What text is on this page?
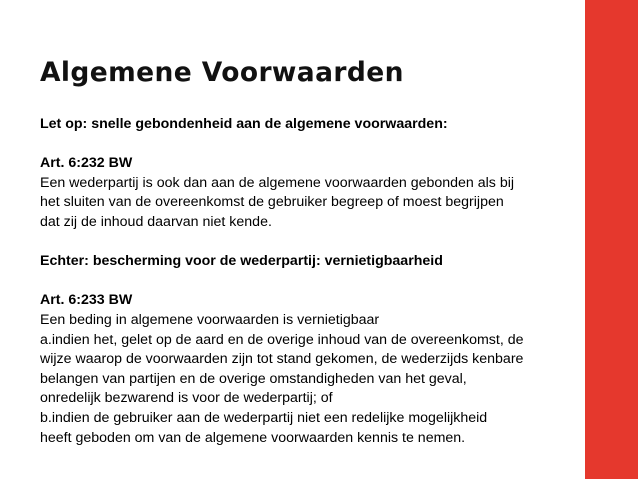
Algemene Voorwaarden

Let op: snelle gebondenheid aan de algemene voorwaarden:

Art. 6:232 BW

Een wederpartij is ook dan aan de algemene voorwaarden gebonden als bij
het sluiten van de overeenkomst de gebruiker begreep of moest begrijpen
dat zij de inhoud daarvan niet kende.

Echter: bescherming voor de wederpartij: vernietigbaarheid

Art. 6:233 BW

Een beding in algemene voorwaarden is vernietigbaar
a.indien het, gelet op de aard en de overige inhoud van de overeenkomst, de
wijze waarop de voorwaarden zijn tot stand gekomen, de wederzijds kenbare
belangen van partijen en de overige omstandigheden van het geval,
onredelijk bezwarend is voor de wederpartij; of
b.indien de gebruiker aan de wederpartij niet een redelijke mogelijkheid
heeft geboden om van de algemene voorwaarden kennis te nemen.
